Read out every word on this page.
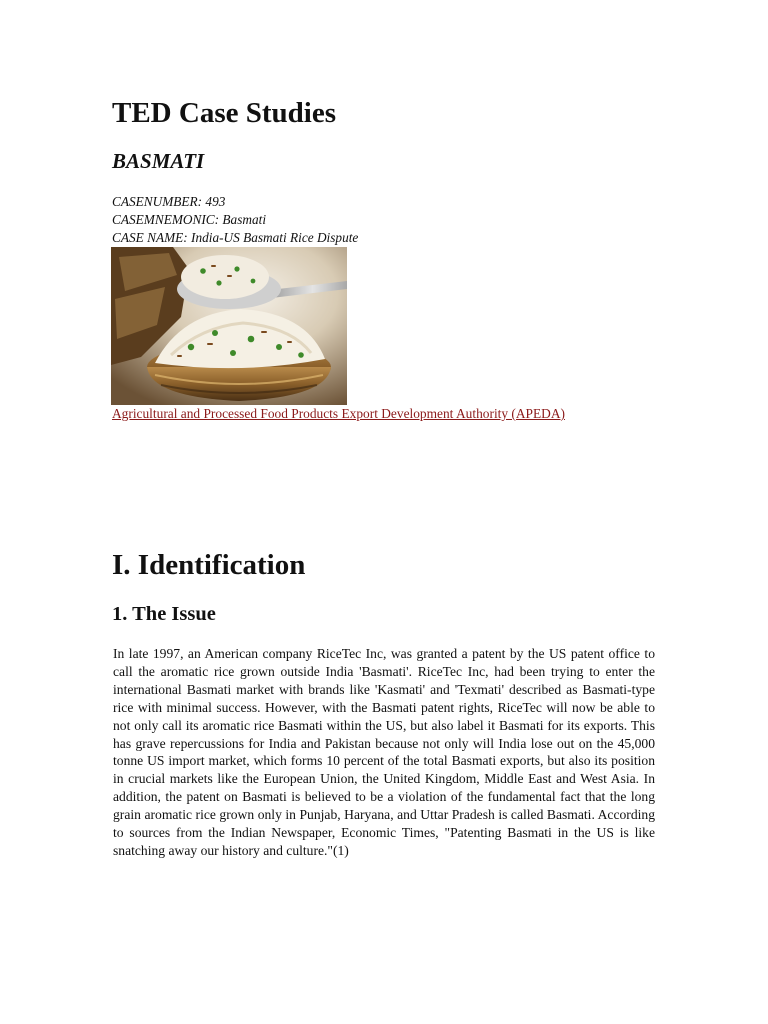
TED Case Studies
BASMATI
CASENUMBER: 493
CASEMNEMONIC: Basmati
CASE NAME: India-US Basmati Rice Dispute
Agricultural and Processed Food Products Export Development Authority (APEDA)
I. Identification
1. The Issue

In late 1997, an American company RiceTec Inc, was granted a patent by the US patent office to call the aromatic rice grown outside India 'Basmati'. RiceTec Inc, had been trying to enter the international Basmati market with brands like 'Kasmati' and 'Texmati' described as Basmati-type rice with minimal success. However, with the Basmati patent rights, RiceTec will now be able to not only call its aromatic rice Basmati within the US, but also label it Basmati for its exports. This has grave repercussions for India and Pakistan because not only will India lose out on the 45,000 tonne US import market, which forms 10 percent of the total Basmati exports, but also its position in crucial markets like the European Union, the United Kingdom, Middle East and West Asia. In addition, the patent on Basmati is believed to be a violation of the fundamental fact that the long grain aromatic rice grown only in Punjab, Haryana, and Uttar Pradesh is called Basmati. According to sources from the Indian Newspaper, Economic Times, "Patenting Basmati in the US is like snatching away our history and culture."(1)
